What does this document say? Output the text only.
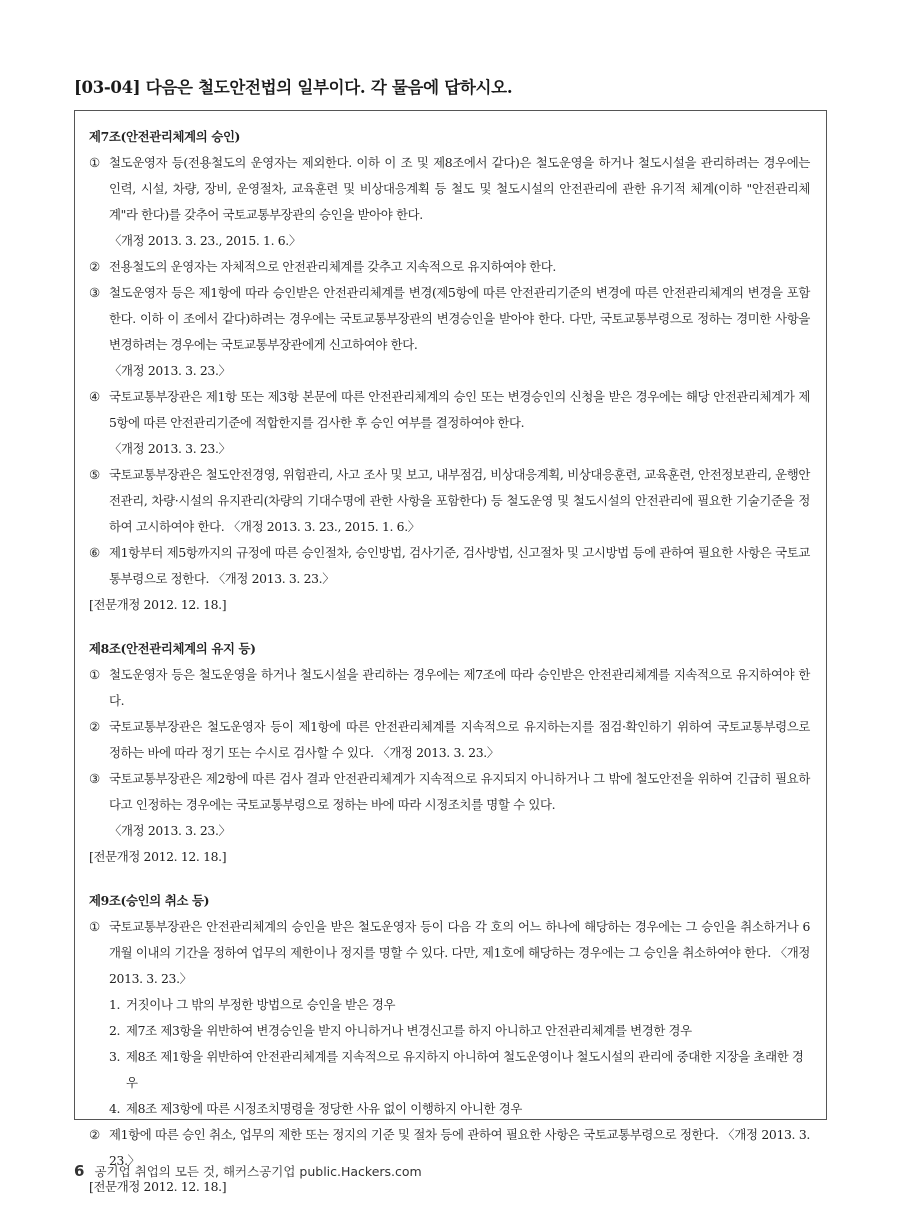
[03-04] 다음은 철도안전법의 일부이다. 각 물음에 답하시오.
제7조(안전관리체계의 승인)
① 철도운영자 등(전용철도의 운영자는 제외한다. 이하 이 조 및 제8조에서 같다)은 철도운영을 하거나 철도시설을 관리하려는 경우에는 인력, 시설, 차량, 장비, 운영절차, 교육훈련 및 비상대응계획 등 철도 및 철도시설의 안전관리에 관한 유기적 체계(이하 "안전관리체계"라 한다)를 갖추어 국토교통부장관의 승인을 받아야 한다.
〈개정 2013. 3. 23., 2015. 1. 6.〉
② 전용철도의 운영자는 자체적으로 안전관리체계를 갖추고 지속적으로 유지하여야 한다.
③ 철도운영자 등은 제1항에 따라 승인받은 안전관리체계를 변경(제5항에 따른 안전관리기준의 변경에 따른 안전관리체계의 변경을 포함한다. 이하 이 조에서 같다)하려는 경우에는 국토교통부장관의 변경승인을 받아야 한다. 다만, 국토교통부령으로 정하는 경미한 사항을 변경하려는 경우에는 국토교통부장관에게 신고하여야 한다.
〈개정 2013. 3. 23.〉
④ 국토교통부장관은 제1항 또는 제3항 본문에 따른 안전관리체계의 승인 또는 변경승인의 신청을 받은 경우에는 해당 안전관리체계가 제5항에 따른 안전관리기준에 적합한지를 검사한 후 승인 여부를 결정하여야 한다.
〈개정 2013. 3. 23.〉
⑤ 국토교통부장관은 철도안전경영, 위험관리, 사고 조사 및 보고, 내부점검, 비상대응계획, 비상대응훈련, 교육훈련, 안전정보관리, 운행안전관리, 차량·시설의 유지관리(차량의 기대수명에 관한 사항을 포함한다) 등 철도운영 및 철도시설의 안전관리에 필요한 기술기준을 정하여 고시하여야 한다. 〈개정 2013. 3. 23., 2015. 1. 6.〉
⑥ 제1항부터 제5항까지의 규정에 따른 승인절차, 승인방법, 검사기준, 검사방법, 신고절차 및 고시방법 등에 관하여 필요한 사항은 국토교통부령으로 정한다. 〈개정 2013. 3. 23.〉
[전문개정 2012. 12. 18.]
제8조(안전관리체계의 유지 등)
① 철도운영자 등은 철도운영을 하거나 철도시설을 관리하는 경우에는 제7조에 따라 승인받은 안전관리체계를 지속적으로 유지하여야 한다.
② 국토교통부장관은 철도운영자 등이 제1항에 따른 안전관리체계를 지속적으로 유지하는지를 점검·확인하기 위하여 국토교통부령으로 정하는 바에 따라 정기 또는 수시로 검사할 수 있다. 〈개정 2013. 3. 23.〉
③ 국토교통부장관은 제2항에 따른 검사 결과 안전관리체계가 지속적으로 유지되지 아니하거나 그 밖에 철도안전을 위하여 긴급히 필요하다고 인정하는 경우에는 국토교통부령으로 정하는 바에 따라 시정조치를 명할 수 있다.
〈개정 2013. 3. 23.〉
[전문개정 2012. 12. 18.]
제9조(승인의 취소 등)
① 국토교통부장관은 안전관리체계의 승인을 받은 철도운영자 등이 다음 각 호의 어느 하나에 해당하는 경우에는 그 승인을 취소하거나 6개월 이내의 기간을 정하여 업무의 제한이나 정지를 명할 수 있다. 다만, 제1호에 해당하는 경우에는 그 승인을 취소하여야 한다. 〈개정 2013. 3. 23.〉
1. 거짓이나 그 밖의 부정한 방법으로 승인을 받은 경우
2. 제7조 제3항을 위반하여 변경승인을 받지 아니하거나 변경신고를 하지 아니하고 안전관리체계를 변경한 경우
3. 제8조 제1항을 위반하여 안전관리체계를 지속적으로 유지하지 아니하여 철도운영이나 철도시설의 관리에 중대한 지장을 초래한 경우
4. 제8조 제3항에 따른 시정조치명령을 정당한 사유 없이 이행하지 아니한 경우
② 제1항에 따른 승인 취소, 업무의 제한 또는 정지의 기준 및 절차 등에 관하여 필요한 사항은 국토교통부령으로 정한다. 〈개정 2013. 3. 23.〉
[전문개정 2012. 12. 18.]
6 공기업 취업의 모든 것, 해커스공기업 public.Hackers.com
